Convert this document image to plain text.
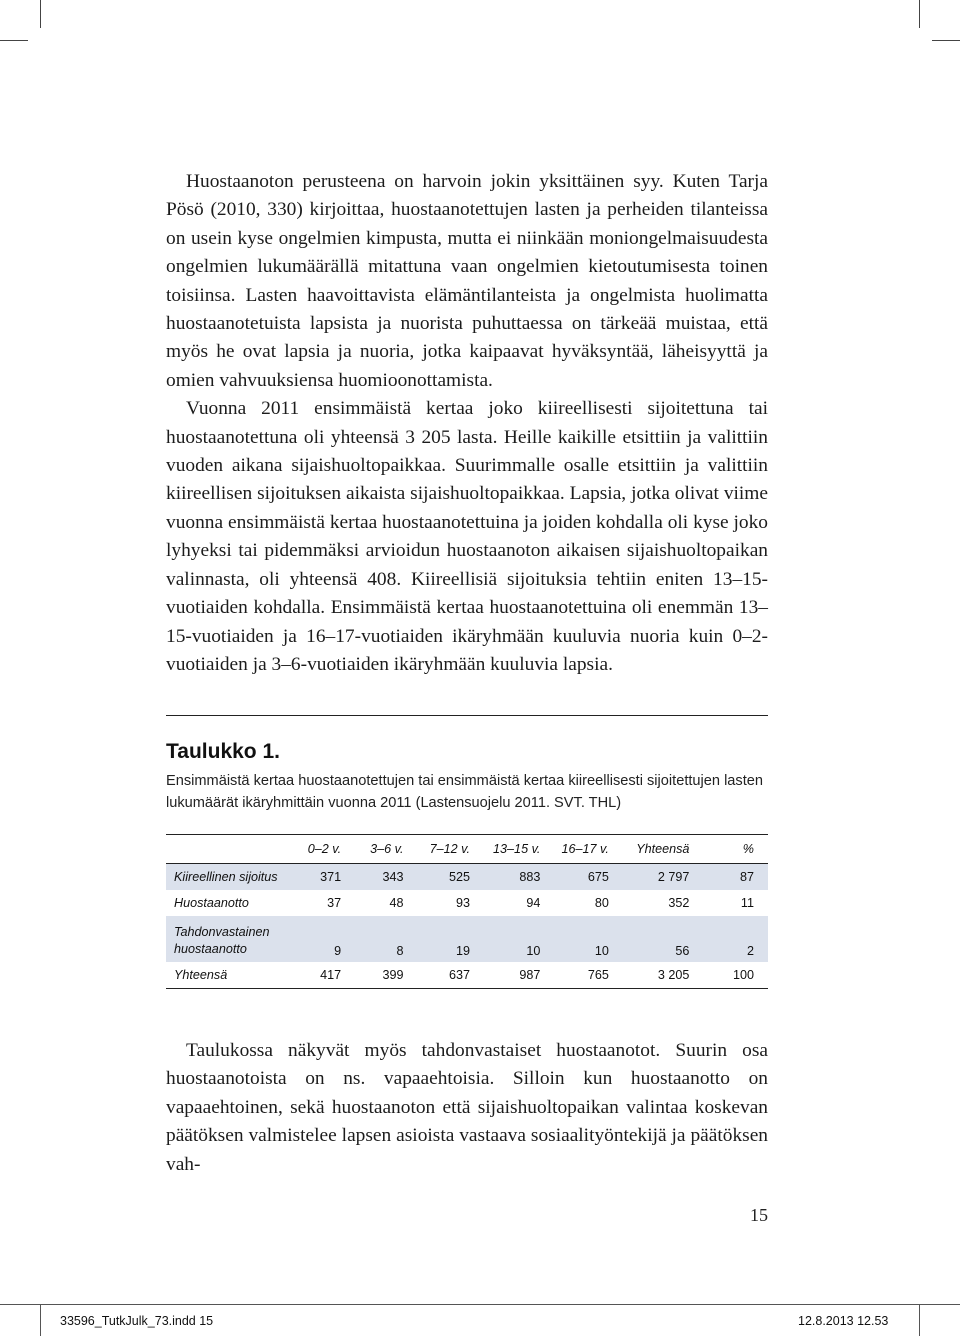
Huostaanoton perusteena on harvoin jokin yksittäinen syy. Kuten Tarja Pösö (2010, 330) kirjoittaa, huostaanotettujen lasten ja perheiden tilanteissa on usein kyse ongelmien kimpusta, mutta ei niinkään moniongelmaisuudesta ongelmien lukumäärällä mitattuna vaan ongelmien kietoutumisesta toinen toisiinsa. Lasten haavoittavista elämäntilanteista ja ongelmista huolimatta huostaanotetuista lapsista ja nuorista puhuttaessa on tärkeää muistaa, että myös he ovat lapsia ja nuoria, jotka kaipaavat hyväksyntää, läheisyyttä ja omien vahvuuksiensa huomioonottamista.

Vuonna 2011 ensimmäistä kertaa joko kiireellisesti sijoitettuna tai huostaanotettuna oli yhteensä 3 205 lasta. Heille kaikille etsittiin ja valittiin vuoden aikana sijaishuoltopaikkaa. Suurimmalle osalle etsittiin ja valittiin kiireellisen sijoituksen aikaista sijaishuoltopaikkaa. Lapsia, jotka olivat viime vuonna ensimmäistä kertaa huostaanotettuina ja joiden kohdalla oli kyse joko lyhyeksi tai pidemmäksi arvioidun huostaanoton aikaisen sijaishuoltopaikan valinnasta, oli yhteensä 408. Kiireellisiä sijoituksia tehtiin eniten 13–15-vuotiaiden kohdalla. Ensimmäistä kertaa huostaanotettuina oli enemmän 13–15-vuotiaiden ja 16–17-vuotiaiden ikäryhmään kuuluvia nuoria kuin 0–2-vuotiaiden ja 3–6-vuotiaiden ikäryhmään kuuluvia lapsia.

Taulukko 1.
Ensimmäistä kertaa huostaanotettujen tai ensimmäistä kertaa kiireellisesti sijoitettujen lasten lukumäärät ikäryhmittäin vuonna 2011 (Lastensuojelu 2011. SVT. THL)
	0–2 v.	3–6 v.	7–12 v.	13–15 v.	16–17 v.	Yhteensä	%
Kiireellinen sijoitus	371	343	525	883	675	2 797	87
Huostaanotto	37	48	93	94	80	352	11
Tahdonvastainen
huostaanotto	9	8	19	10	10	56	2
Yhteensä	417	399	637	987	765	3 205	100

Taulukossa näkyvät myös tahdonvastaiset huostaanotot. Suurin osa huostaanotoista on ns. vapaaehtoisia. Silloin kun huostaanotto on vapaaehtoinen, sekä huostaanoton että sijaishuoltopaikan valintaa koskevan päätöksen valmistelee lapsen asioista vastaava sosiaalityöntekijä ja päätöksen vah-

15
33596_TutkJulk_73.indd 15	12.8.2013 12.53
